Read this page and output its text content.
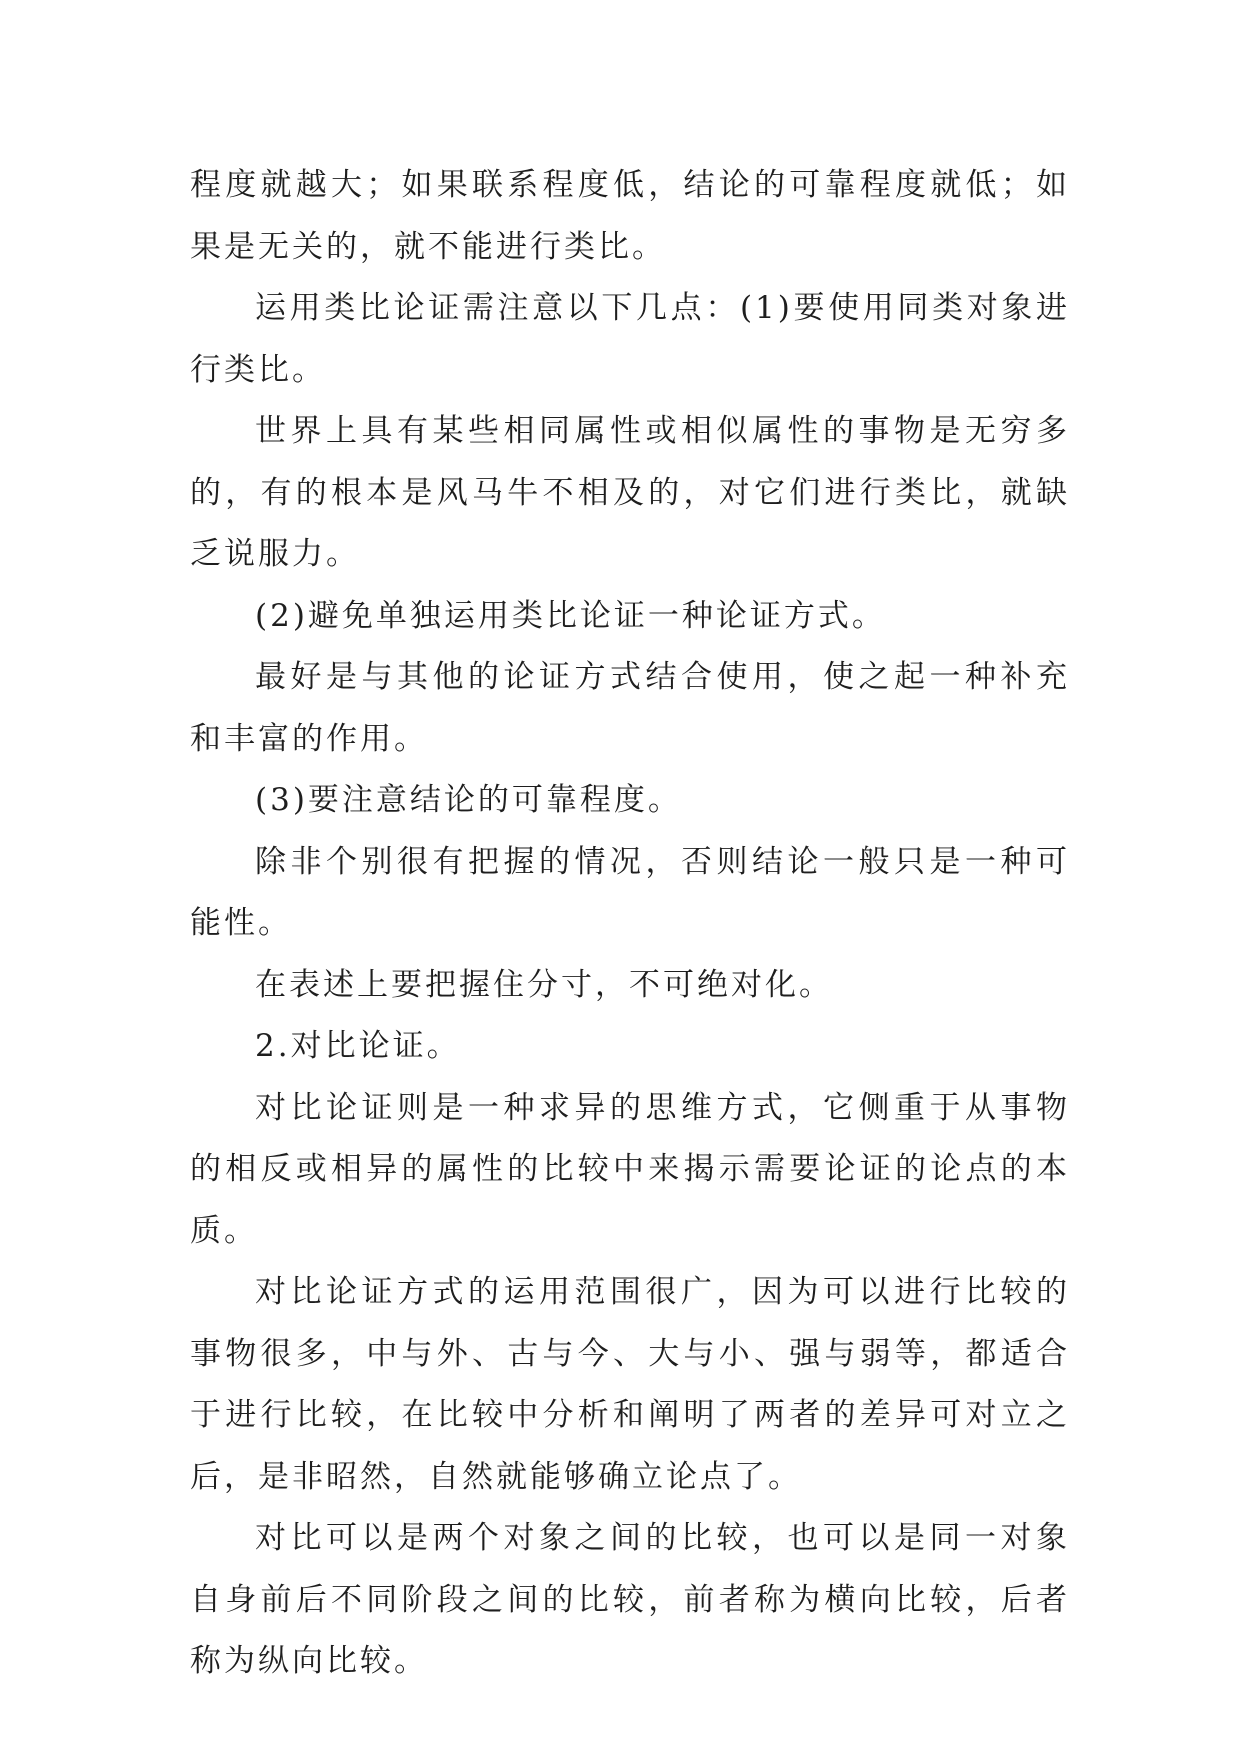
程度就越大；如果联系程度低，结论的可靠程度就低；如果是无关的，就不能进行类比。

运用类比论证需注意以下几点：(1)要使用同类对象进行类比。

世界上具有某些相同属性或相似属性的事物是无穷多的，有的根本是风马牛不相及的，对它们进行类比，就缺乏说服力。

(2)避免单独运用类比论证一种论证方式。

最好是与其他的论证方式结合使用，使之起一种补充和丰富的作用。

(3)要注意结论的可靠程度。

除非个别很有把握的情况，否则结论一般只是一种可能性。

在表述上要把握住分寸，不可绝对化。

2.对比论证。

对比论证则是一种求异的思维方式，它侧重于从事物的相反或相异的属性的比较中来揭示需要论证的论点的本质。

对比论证方式的运用范围很广，因为可以进行比较的事物很多，中与外、古与今、大与小、强与弱等，都适合于进行比较，在比较中分析和阐明了两者的差异可对立之后，是非昭然，自然就能够确立论点了。

对比可以是两个对象之间的比较，也可以是同一对象自身前后不同阶段之间的比较，前者称为横向比较，后者称为纵向比较。
